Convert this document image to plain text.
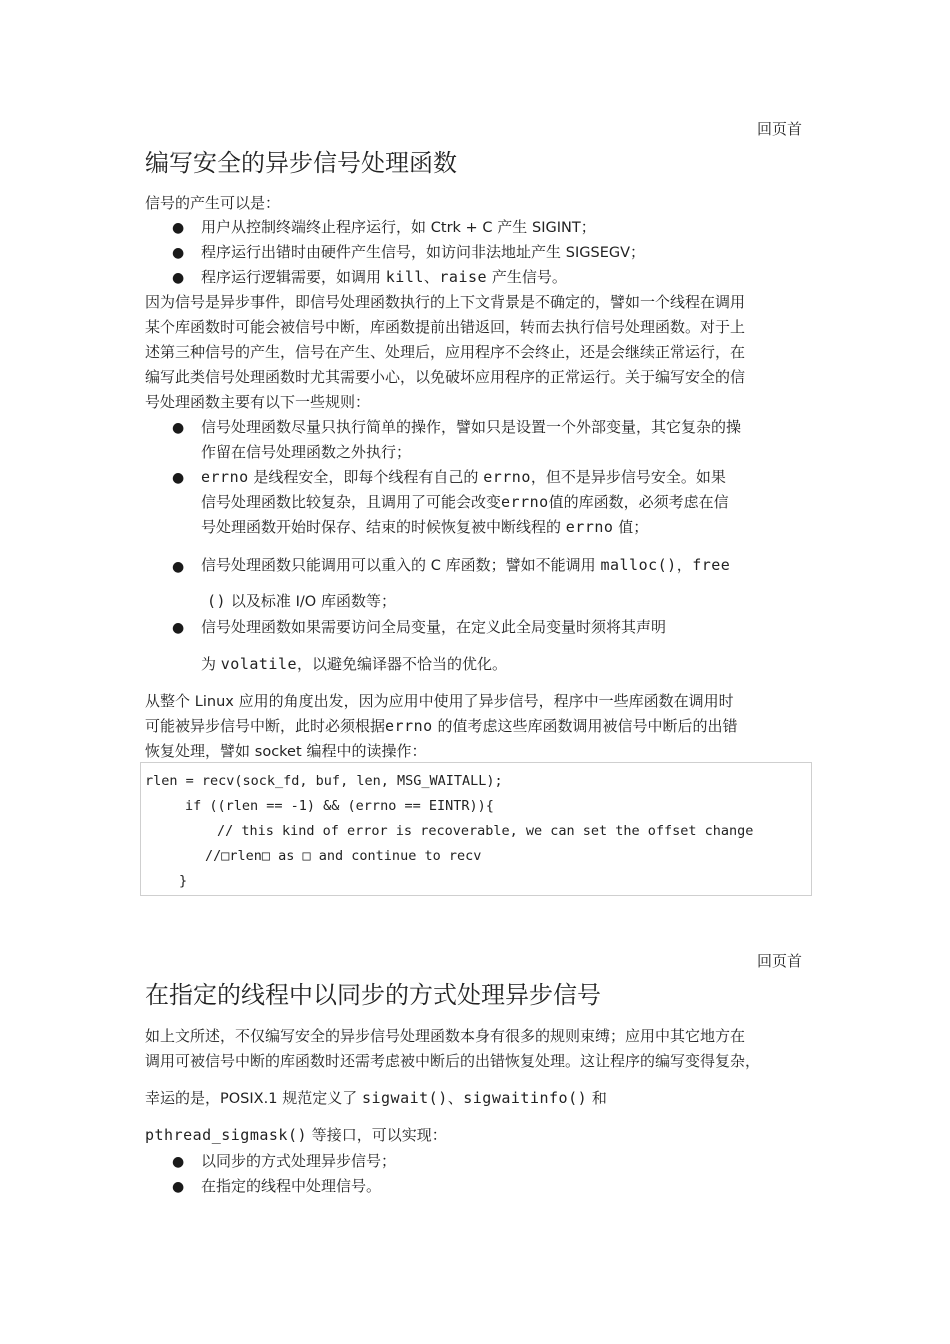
回页首
编写安全的异步信号处理函数
信号的产生可以是：
● 用户从控制终端终止程序运行，如 Ctrk + C 产生 SIGINT；
● 程序运行出错时由硬件产生信号，如访问非法地址产生 SIGSEGV；
● 程序运行逻辑需要，如调用 kill、raise 产生信号。
因为信号是异步事件，即信号处理函数执行的上下文背景是不确定的，譬如一个线程在调用
某个库函数时可能会被信号中断，库函数提前出错返回，转而去执行信号处理函数。对于上
述第三种信号的产生，信号在产生、处理后，应用程序不会终止，还是会继续正常运行，在
编写此类信号处理函数时尤其需要小心，以免破坏应用程序的正常运行。关于编写安全的信
号处理函数主要有以下一些规则：
● 信号处理函数尽量只执行简单的操作，譬如只是设置一个外部变量，其它复杂的操
作留在信号处理函数之外执行；
● errno 是线程安全，即每个线程有自己的 errno，但不是异步信号安全。如果
信号处理函数比较复杂，且调用了可能会改变errno值的库函数，必须考虑在信
号处理函数开始时保存、结束的时候恢复被中断线程的 errno 值；
● 信号处理函数只能调用可以重入的 C 库函数；譬如不能调用 malloc()，free
() 以及标准 I/O 库函数等；
● 信号处理函数如果需要访问全局变量，在定义此全局变量时须将其声明
为 volatile，以避免编译器不恰当的优化。
从整个 Linux 应用的角度出发，因为应用中使用了异步信号，程序中一些库函数在调用时
可能被异步信号中断，此时必须根据errno 的值考虑这些库函数调用被信号中断后的出错
恢复处理，譬如 socket 编程中的读操作：
rlen = recv(sock_fd, buf, len, MSG_WAITALL);
if ((rlen == -1) && (errno == EINTR)){
// this kind of error is recoverable, we can set the offset change
//□rlen□ as □ and continue to recv
}
回页首
在指定的线程中以同步的方式处理异步信号
如上文所述，不仅编写安全的异步信号处理函数本身有很多的规则束缚；应用中其它地方在
调用可被信号中断的库函数时还需考虑被中断后的出错恢复处理。这让程序的编写变得复杂，
幸运的是，POSIX.1 规范定义了 sigwait()、sigwaitinfo() 和
pthread_sigmask() 等接口，可以实现：
● 以同步的方式处理异步信号；
● 在指定的线程中处理信号。
